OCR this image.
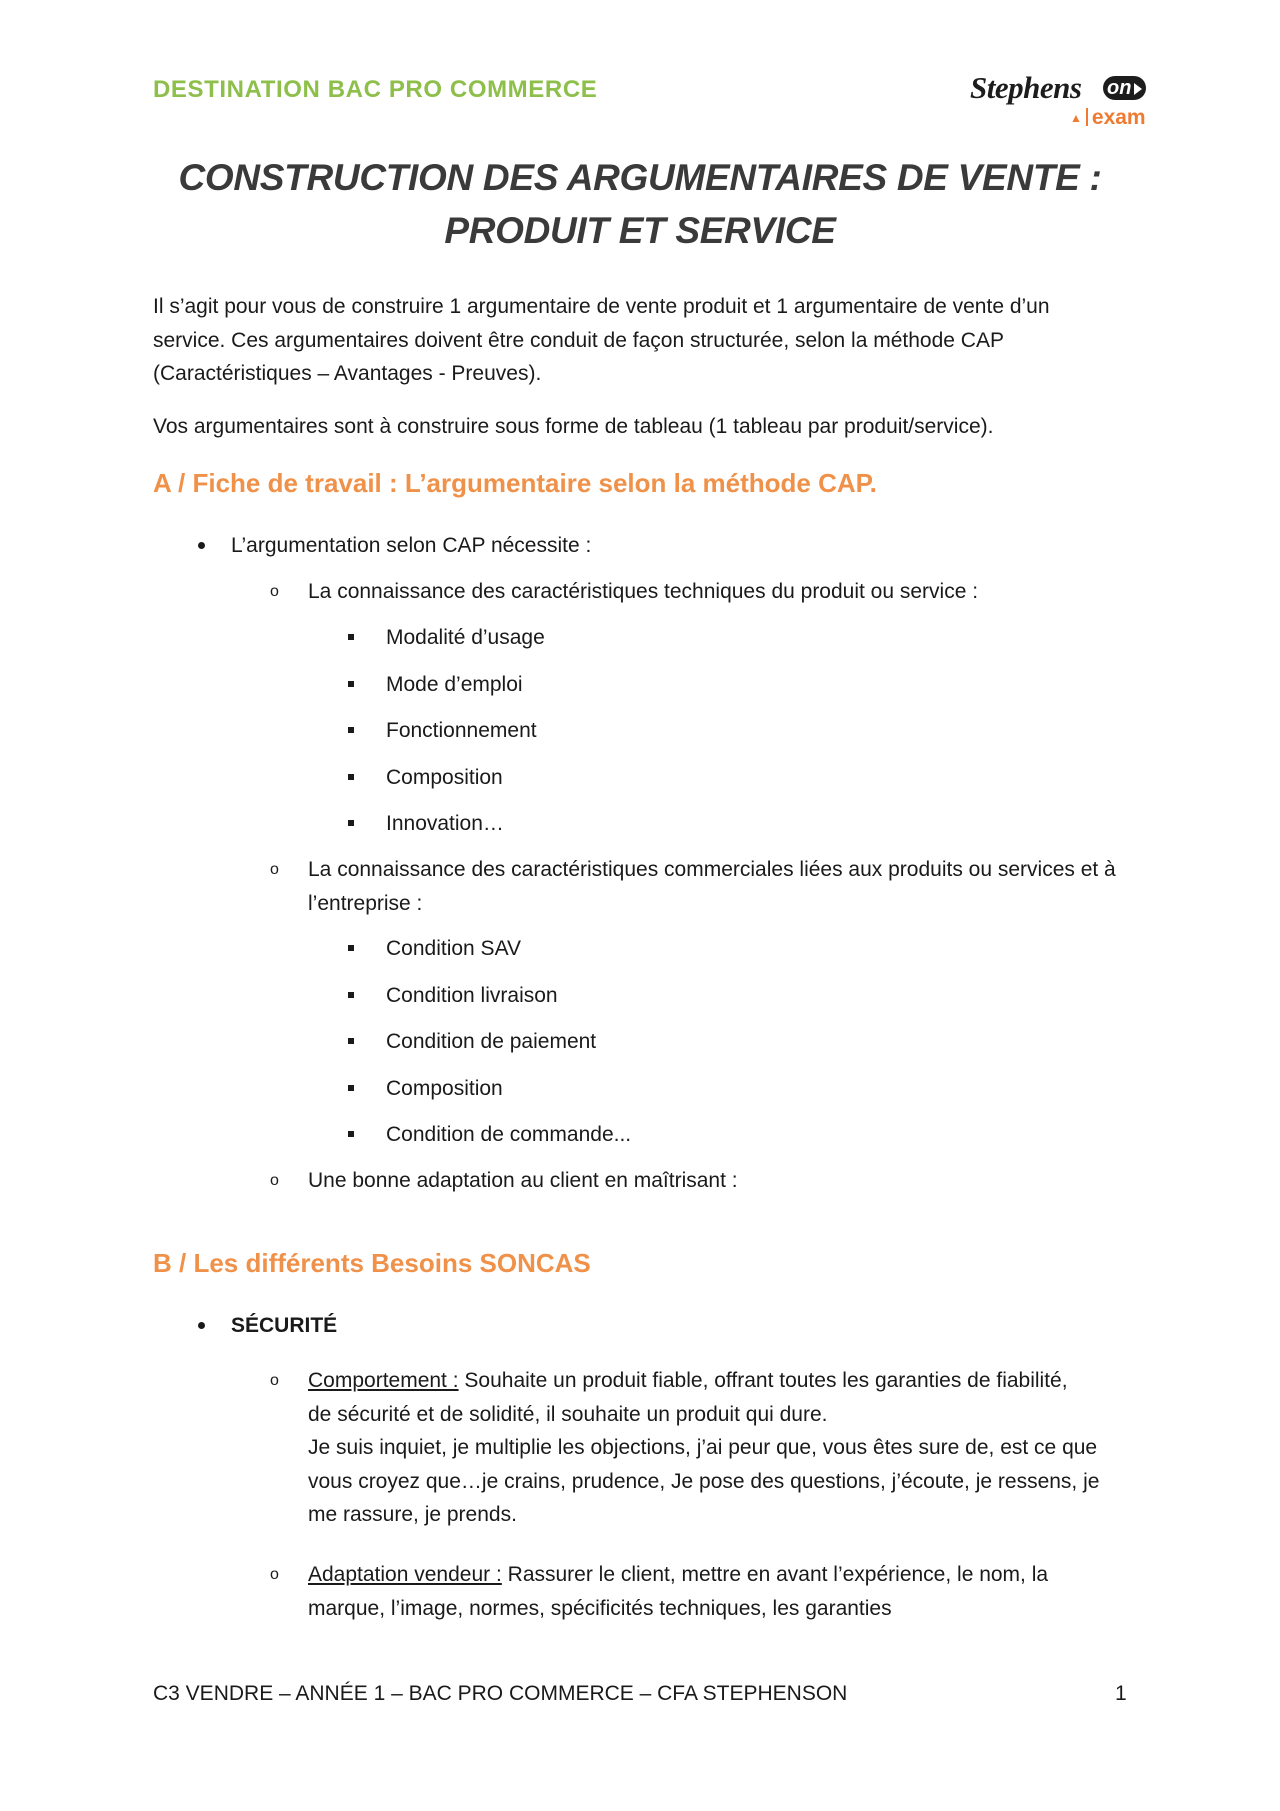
DESTINATION BAC PRO COMMERCE	Stephens on
▲ exam
CONSTRUCTION DES ARGUMENTAIRES DE VENTE :
PRODUIT ET SERVICE
Il s’agit pour vous de construire 1 argumentaire de vente produit et 1 argumentaire de vente d’un
service. Ces argumentaires doivent être conduit de façon structurée, selon la méthode CAP
(Caractéristiques – Avantages - Preuves).
Vos argumentaires sont à construire sous forme de tableau (1 tableau par produit/service).
A / Fiche de travail : L’argumentaire selon la méthode CAP.
L’argumentation selon CAP nécessite :
o La connaissance des caractéristiques techniques du produit ou service :
Modalité d’usage
Mode d’emploi
Fonctionnement
Composition
Innovation…
o La connaissance des caractéristiques commerciales liées aux produits ou services et à
l’entreprise :
Condition SAV
Condition livraison
Condition de paiement
Composition
Condition de commande...
o Une bonne adaptation au client en maîtrisant :
B / Les différents Besoins SONCAS
SÉCURITÉ
o Comportement : Souhaite un produit fiable, offrant toutes les garanties de fiabilité,
de sécurité et de solidité, il souhaite un produit qui dure.
Je suis inquiet, je multiplie les objections, j’ai peur que, vous êtes sure de, est ce que
vous croyez que…je crains, prudence, Je pose des questions, j’écoute, je ressens, je
me rassure, je prends.
o Adaptation vendeur : Rassurer le client, mettre en avant l’expérience, le nom, la
marque, l’image, normes, spécificités techniques, les garanties
C3 VENDRE – ANNÉE 1 – BAC PRO COMMERCE – CFA STEPHENSON	1
